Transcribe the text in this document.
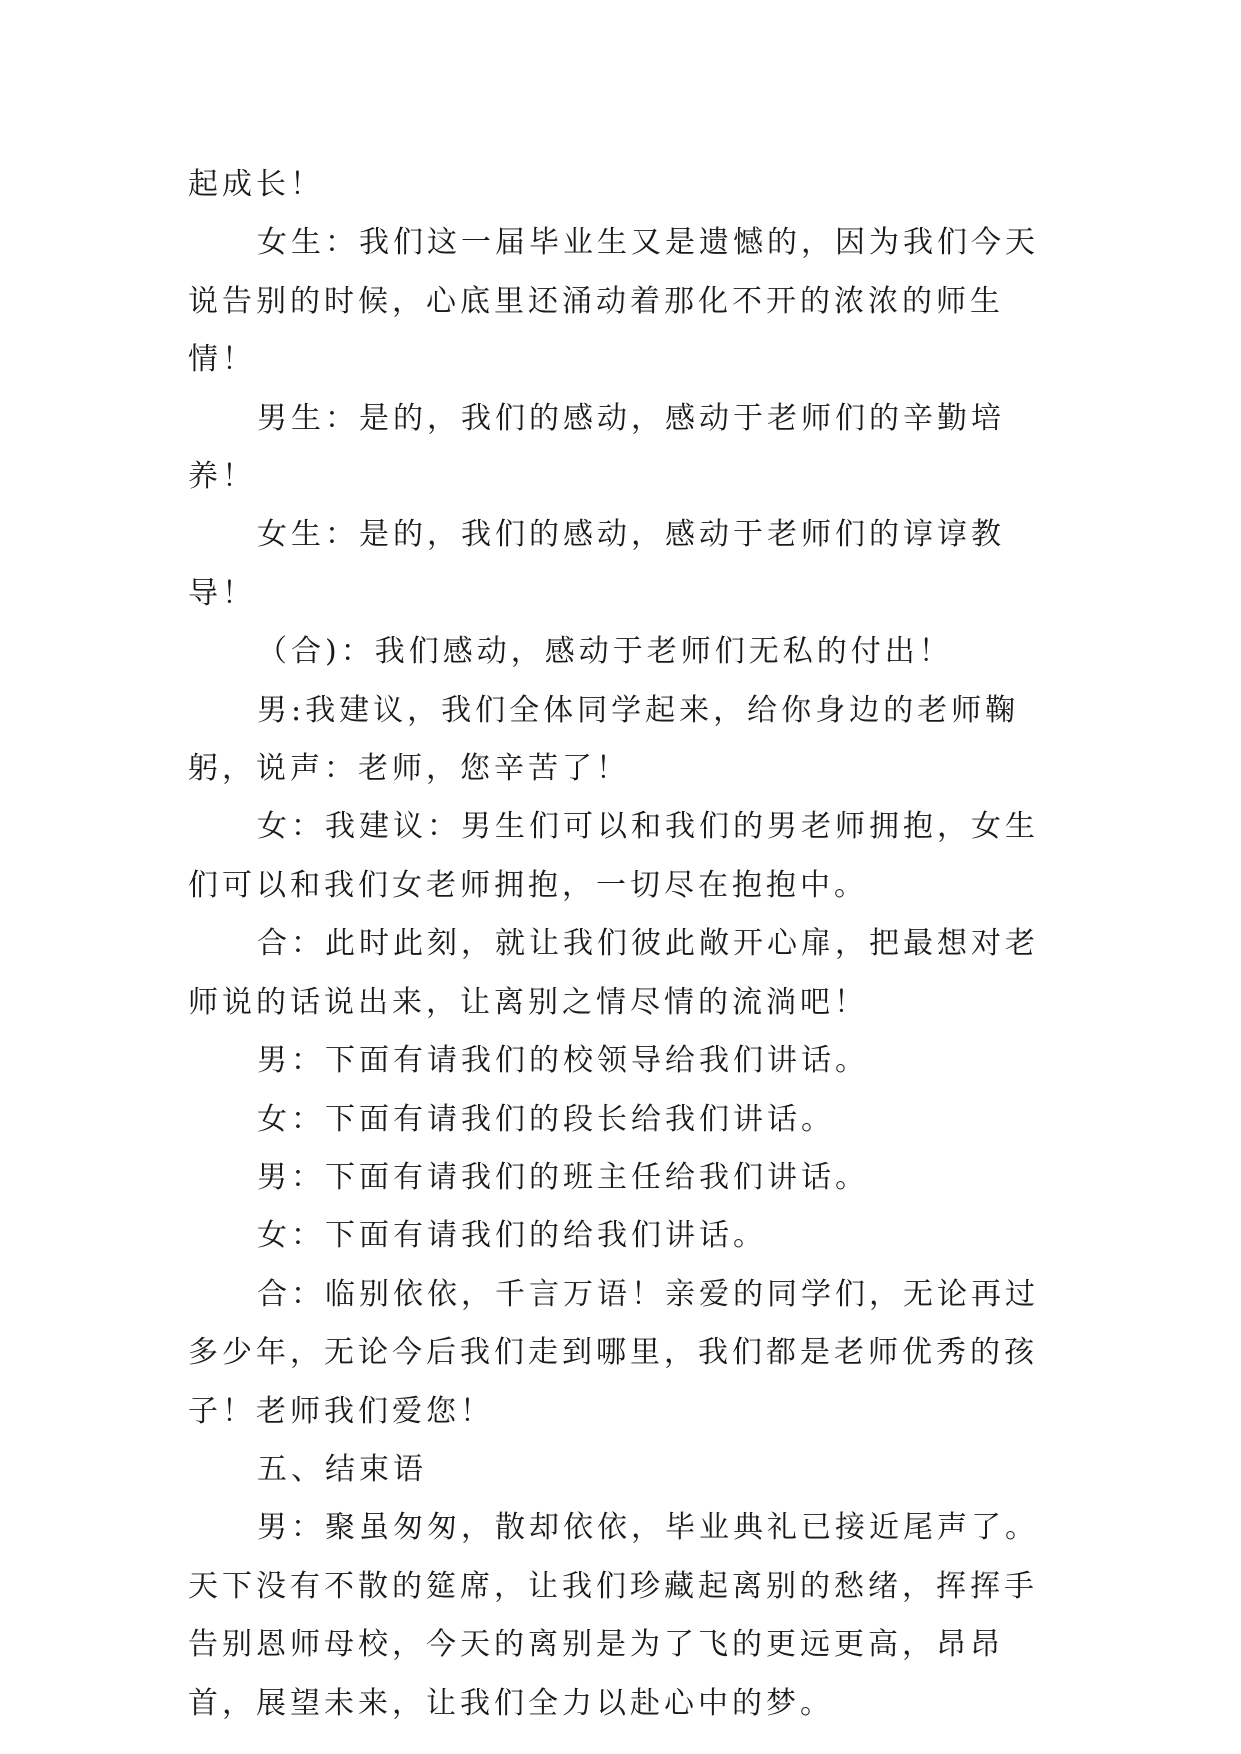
起成长！

女生：我们这一届毕业生又是遗憾的，因为我们今天说告别的时候，心底里还涌动着那化不开的浓浓的师生情！

男生：是的，我们的感动，感动于老师们的辛勤培养！

女生：是的，我们的感动，感动于老师们的谆谆教导！

（合)：我们感动，感动于老师们无私的付出！

男:我建议，我们全体同学起来，给你身边的老师鞠躬，说声：老师，您辛苦了！

女：我建议：男生们可以和我们的男老师拥抱，女生们可以和我们女老师拥抱，一切尽在抱抱中。

合：此时此刻，就让我们彼此敞开心扉，把最想对老师说的话说出来，让离别之情尽情的流淌吧！

男：下面有请我们的校领导给我们讲话。

女：下面有请我们的段长给我们讲话。

男：下面有请我们的班主任给我们讲话。

女：下面有请我们的给我们讲话。

合：临别依依，千言万语！亲爱的同学们，无论再过多少年，无论今后我们走到哪里，我们都是老师优秀的孩子！老师我们爱您！

五、结束语

男：聚虽匆匆，散却依依，毕业典礼已接近尾声了。天下没有不散的筵席，让我们珍藏起离别的愁绪，挥挥手告别恩师母校，今天的离别是为了飞的更远更高，昂昂首，展望未来，让我们全力以赴心中的梦。
